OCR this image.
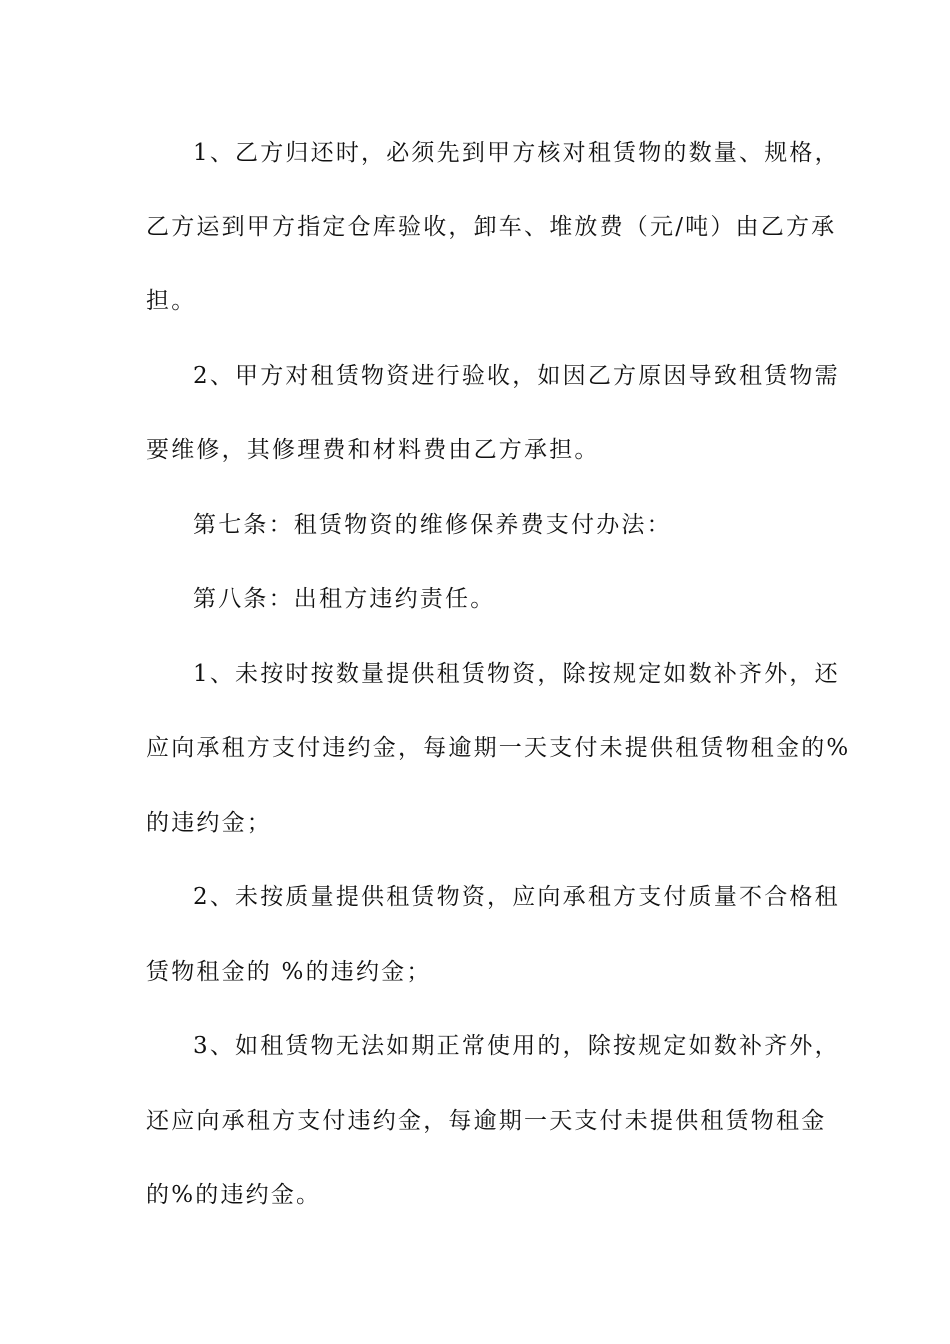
1、乙方归还时，必须先到甲方核对租赁物的数量、规格，
乙方运到甲方指定仓库验收，卸车、堆放费（元/吨）由乙方承
担。
2、甲方对租赁物资进行验收，如因乙方原因导致租赁物需
要维修，其修理费和材料费由乙方承担。
第七条：租赁物资的维修保养费支付办法：
第八条：出租方违约责任。
1、未按时按数量提供租赁物资，除按规定如数补齐外，还
应向承租方支付违约金，每逾期一天支付未提供租赁物租金的%
的违约金；
2、未按质量提供租赁物资，应向承租方支付质量不合格租
赁物租金的 %的违约金；
3、如租赁物无法如期正常使用的，除按规定如数补齐外，
还应向承租方支付违约金，每逾期一天支付未提供租赁物租金
的%的违约金。
